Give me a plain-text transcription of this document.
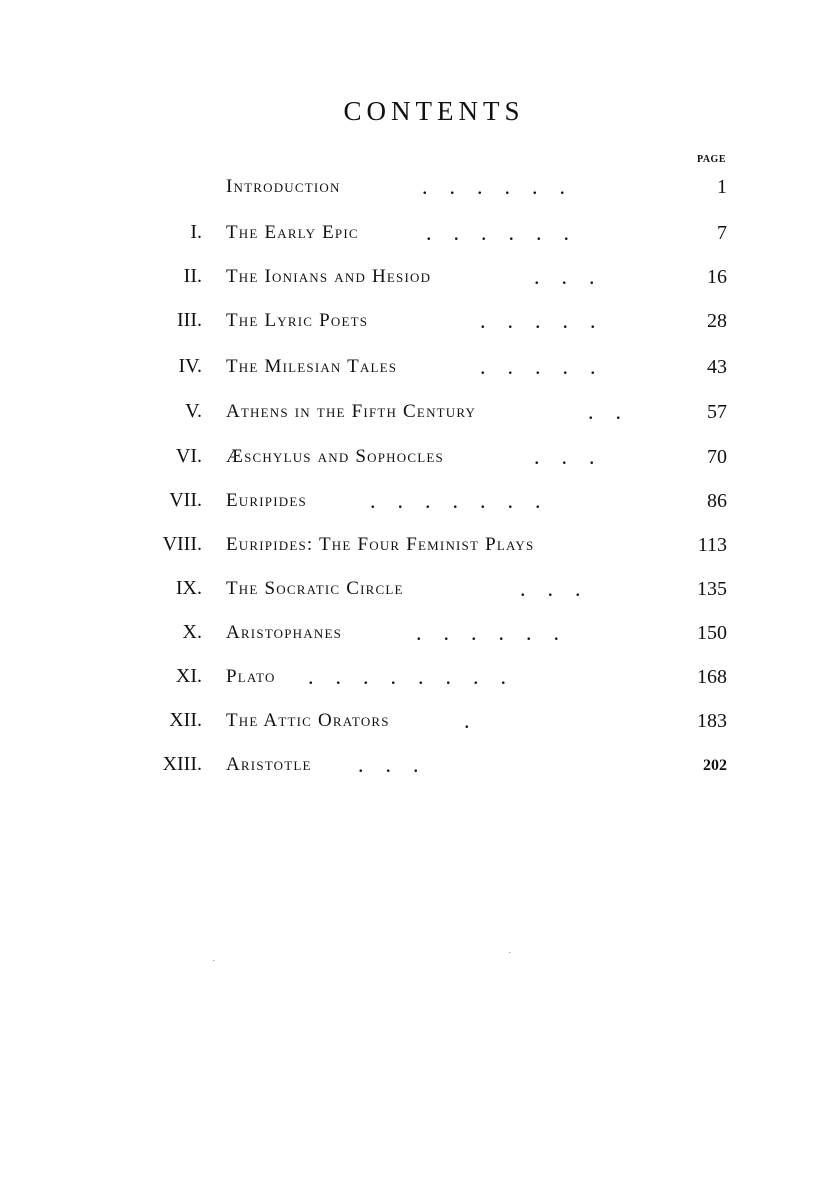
CONTENTS
PAGE
Introduction	......	1
I. The Early Epic	......	7
II. The Ionians and Hesiod	...	16
III. The Lyric Poets	.....	28
IV. The Milesian Tales	.....	43
V. Athens in the Fifth Century	..	57
VI. Æschylus and Sophocles	...	70
VII. Euripides	.......	86
VIII. Euripides: The Four Feminist Plays	113
IX. The Socratic Circle	...	135
X. Aristophanes	......	150
XI. Plato ........	168
XII. The Attic Orators	.	183
XIII. Aristotle ...	202
·
·
